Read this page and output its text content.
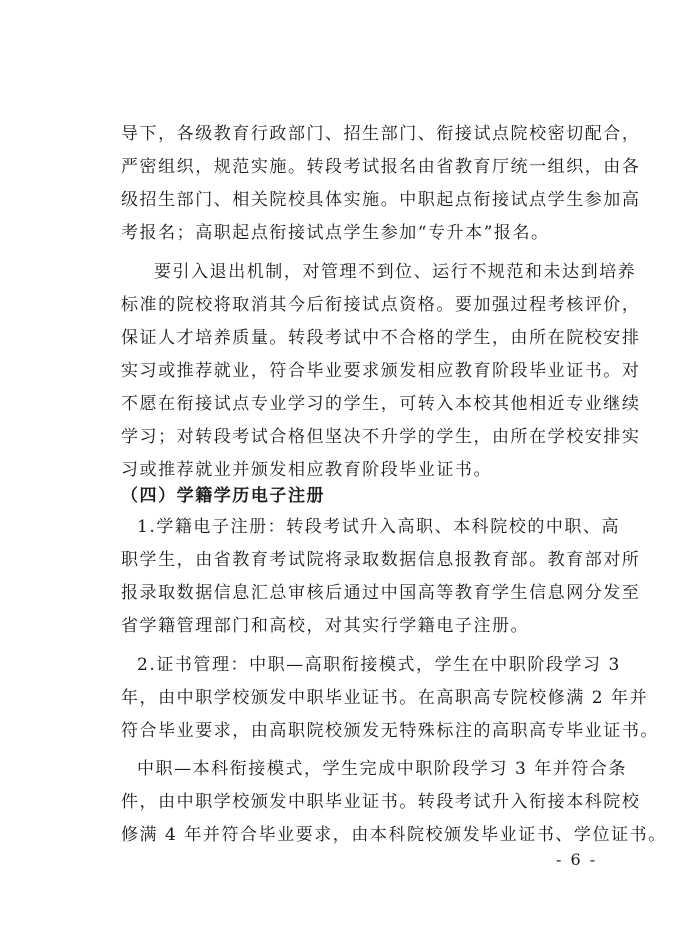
导下，各级教育行政部门、招生部门、衔接试点院校密切配合，
严密组织，规范实施。转段考试报名由省教育厅统一组织，由各
级招生部门、相关院校具体实施。中职起点衔接试点学生参加高
考报名；高职起点衔接试点学生参加“专升本”报名。
要引入退出机制，对管理不到位、运行不规范和未达到培养
标准的院校将取消其今后衔接试点资格。要加强过程考核评价，
保证人才培养质量。转段考试中不合格的学生，由所在院校安排
实习或推荐就业，符合毕业要求颁发相应教育阶段毕业证书。对
不愿在衔接试点专业学习的学生，可转入本校其他相近专业继续
学习；对转段考试合格但坚决不升学的学生，由所在学校安排实
习或推荐就业并颁发相应教育阶段毕业证书。
（四）学籍学历电子注册
1.学籍电子注册：转段考试升入高职、本科院校的中职、高
职学生，由省教育考试院将录取数据信息报教育部。教育部对所
报录取数据信息汇总审核后通过中国高等教育学生信息网分发至
省学籍管理部门和高校，对其实行学籍电子注册。
2.证书管理：中职—高职衔接模式，学生在中职阶段学习 3
年，由中职学校颁发中职毕业证书。在高职高专院校修满 2 年并
符合毕业要求，由高职院校颁发无特殊标注的高职高专毕业证书。
中职—本科衔接模式，学生完成中职阶段学习 3 年并符合条
件，由中职学校颁发中职毕业证书。转段考试升入衔接本科院校
修满 4 年并符合毕业要求，由本科院校颁发毕业证书、学位证书。
- 6 -
